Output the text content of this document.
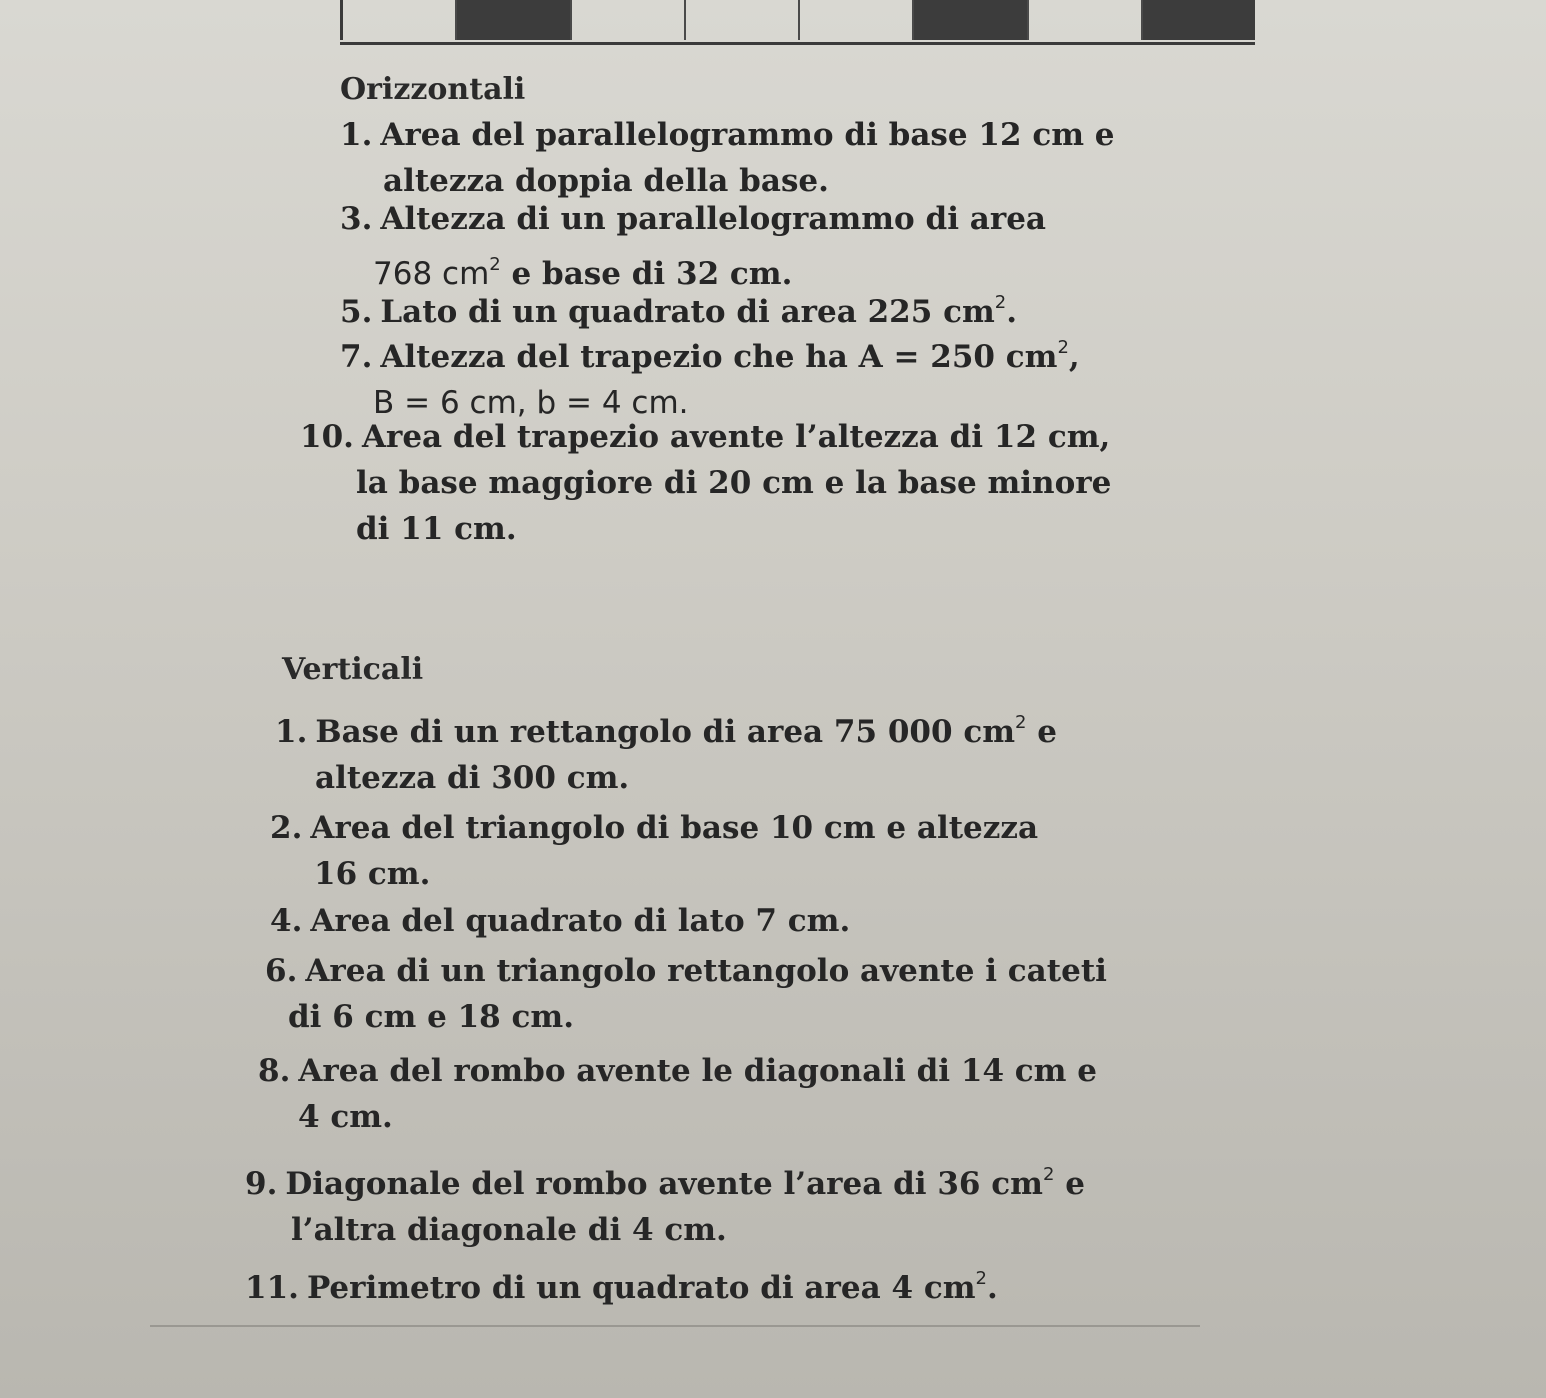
Orizzontali
1. Area del parallelogrammo di base 12 cm e
altezza doppia della base.
3. Altezza di un parallelogrammo di area
768 $cm^2$ e base di 32 cm.
5. Lato di un quadrato di area 225 $cm^2$.
7. Altezza del trapezio che ha A = 250 $cm^2$,
B = 6 cm, b = 4 cm.
10. Area del trapezio avente l’altezza di 12 cm,
la base maggiore di 20 cm e la base minore
di 11 cm.
Verticali
1. Base di un rettangolo di area 75 000 $cm^2$ e
altezza di 300 cm.
2. Area del triangolo di base 10 cm e altezza
16 cm.
4. Area del quadrato di lato 7 cm.
6. Area di un triangolo rettangolo avente i cateti
di 6 cm e 18 cm.
8. Area del rombo avente le diagonali di 14 cm e
4 cm.
9. Diagonale del rombo avente l’area di 36 $cm^2$ e
l’altra diagonale di 4 cm.
11. Perimetro di un quadrato di area 4 $cm^2$.
